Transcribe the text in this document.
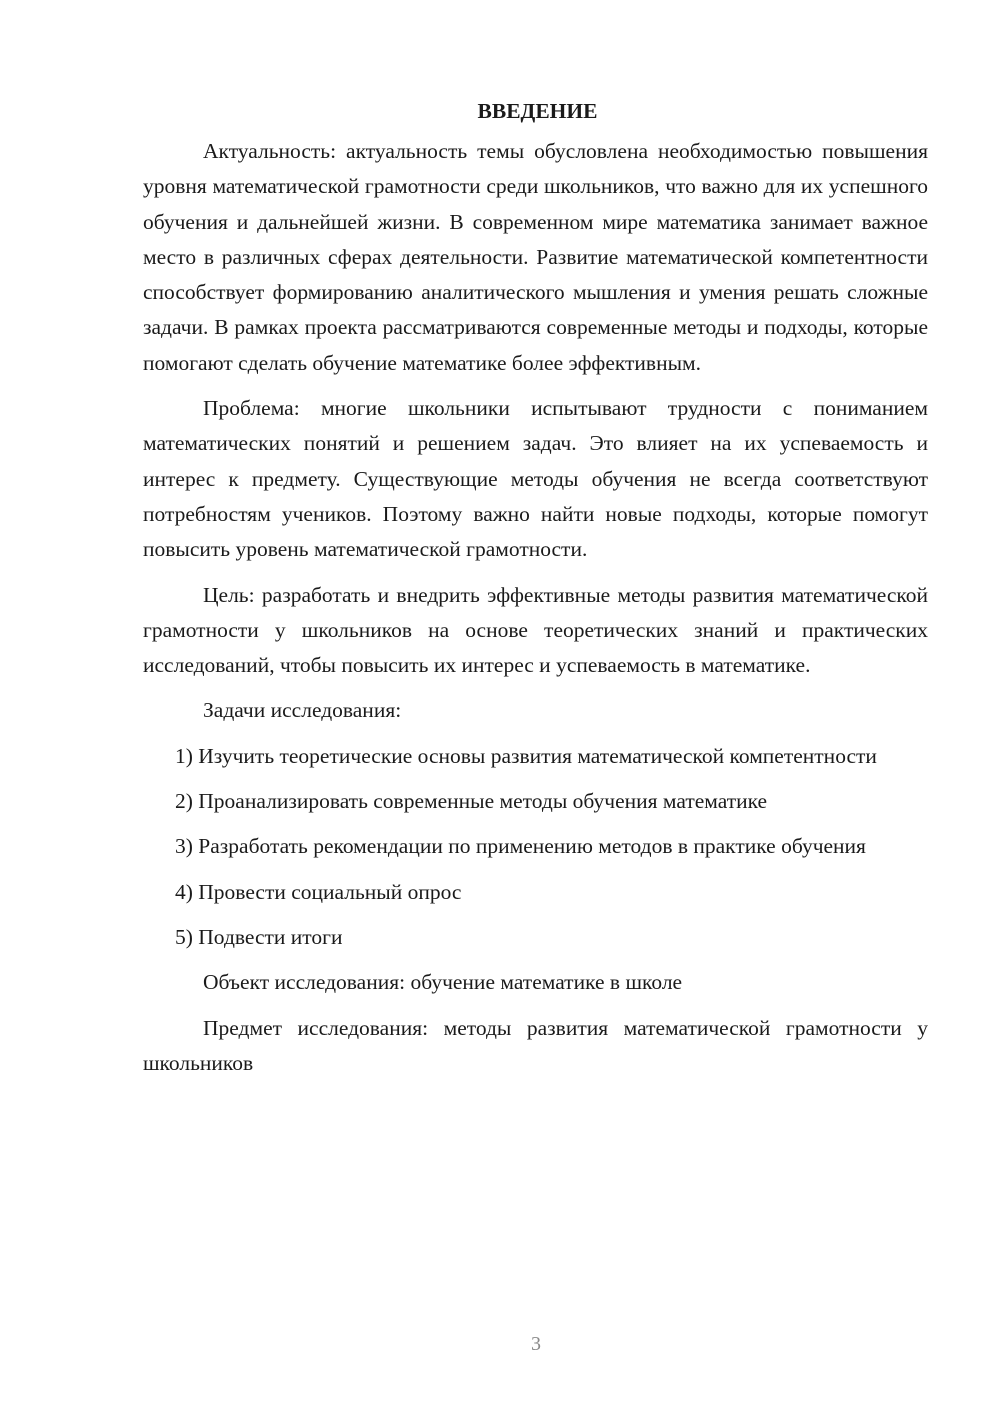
ВВЕДЕНИЕ

Актуальность: актуальность темы обусловлена необходимостью повышения уровня математической грамотности среди школьников, что важно для их успешного обучения и дальнейшей жизни. В современном мире математика занимает важное место в различных сферах деятельности. Развитие математической компетентности способствует формированию аналитического мышления и умения решать сложные задачи. В рамках проекта рассматриваются современные методы и подходы, которые помогают сделать обучение математике более эффективным.

Проблема: многие школьники испытывают трудности с пониманием математических понятий и решением задач. Это влияет на их успеваемость и интерес к предмету. Существующие методы обучения не всегда соответствуют потребностям учеников. Поэтому важно найти новые подходы, которые помогут повысить уровень математической грамотности.

Цель: разработать и внедрить эффективные методы развития математической грамотности у школьников на основе теоретических знаний и практических исследований, чтобы повысить их интерес и успеваемость в математике.

Задачи исследования:

1) Изучить теоретические основы развития математической компетентности

2) Проанализировать современные методы обучения математике

3) Разработать рекомендации по применению методов в практике обучения

4) Провести социальный опрос

5) Подвести итоги

Объект исследования: обучение математике в школе

Предмет исследования: методы развития математической грамотности у школьников

3
